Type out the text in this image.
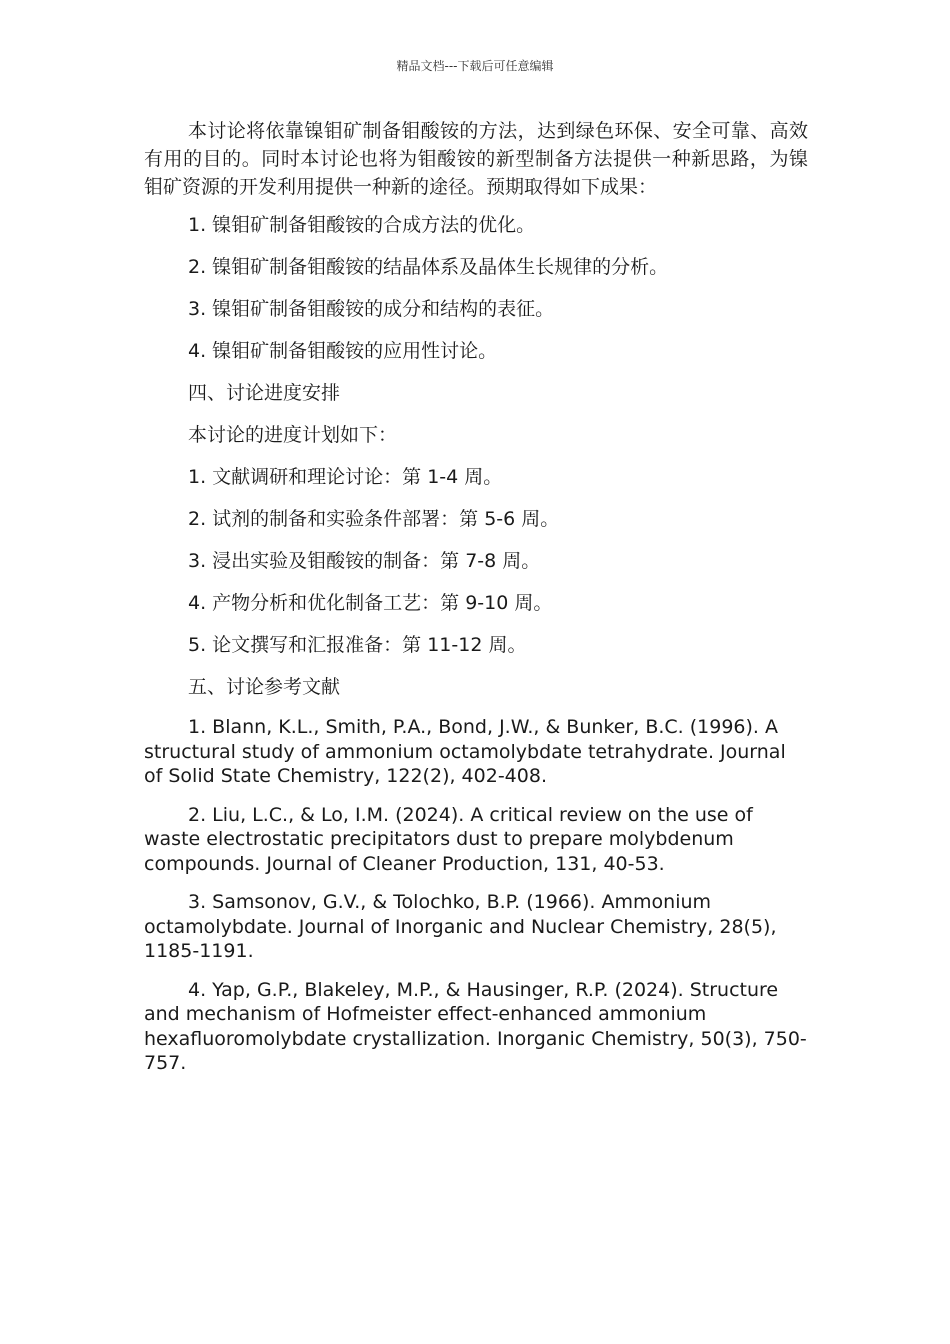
精品文档---下载后可任意编辑

本讨论将依靠镍钼矿制备钼酸铵的方法，达到绿色环保、安全可靠、高效有用的目的。同时本讨论也将为钼酸铵的新型制备方法提供一种新思路，为镍钼矿资源的开发利用提供一种新的途径。预期取得如下成果：

1. 镍钼矿制备钼酸铵的合成方法的优化。

2. 镍钼矿制备钼酸铵的结晶体系及晶体生长规律的分析。

3. 镍钼矿制备钼酸铵的成分和结构的表征。

4. 镍钼矿制备钼酸铵的应用性讨论。

四、讨论进度安排

本讨论的进度计划如下：

1. 文献调研和理论讨论：第 1-4 周。

2. 试剂的制备和实验条件部署：第 5-6 周。

3. 浸出实验及钼酸铵的制备：第 7-8 周。

4. 产物分析和优化制备工艺：第 9-10 周。

5. 论文撰写和汇报准备：第 11-12 周。

五、讨论参考文献

1. Blann, K.L., Smith, P.A., Bond, J.W., & Bunker, B.C. (1996). A structural study of ammonium octamolybdate tetrahydrate. Journal of Solid State Chemistry, 122(2), 402-408.

2. Liu, L.C., & Lo, I.M. (2024). A critical review on the use of waste electrostatic precipitators dust to prepare molybdenum compounds. Journal of Cleaner Production, 131, 40-53.

3. Samsonov, G.V., & Tolochko, B.P. (1966). Ammonium octamolybdate. Journal of Inorganic and Nuclear Chemistry, 28(5), 1185-1191.

4. Yap, G.P., Blakeley, M.P., & Hausinger, R.P. (2024). Structure and mechanism of Hofmeister effect-enhanced ammonium hexafluoromolybdate crystallization. Inorganic Chemistry, 50(3), 750-757.
